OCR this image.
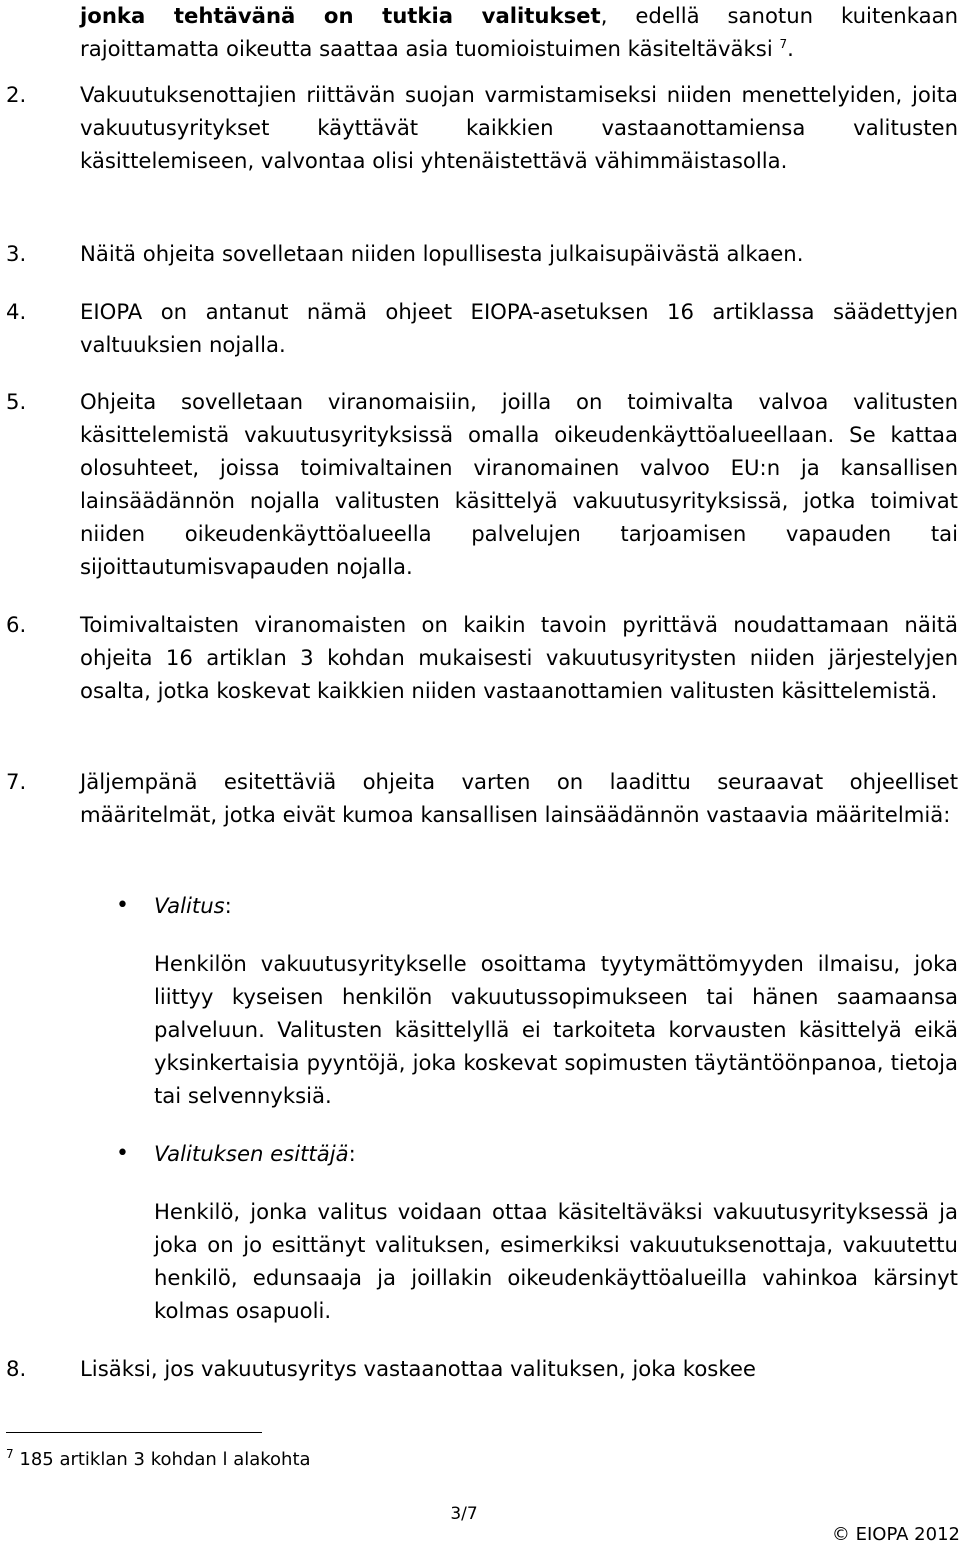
jonka tehtävänä on tutkia valitukset, edellä sanotun kuitenkaan
rajoittamatta oikeutta saattaa asia tuomioistuimen käsiteltäväksi $^7$.
2.	Vakuutuksenottajien riittävän suojan varmistamiseksi niiden menettelyiden, joita vakuutusyritykset käyttävät kaikkien vastaanottamiensa valitusten käsittelemiseen, valvontaa olisi yhtenäistettävä vähimmäistasolla.
3.	Näitä ohjeita sovelletaan niiden lopullisesta julkaisupäivästä alkaen.
4.	EIOPA on antanut nämä ohjeet EIOPA-asetuksen 16 artiklassa säädettyjen valtuuksien nojalla.
5.	Ohjeita sovelletaan viranomaisiin, joilla on toimivalta valvoa valitusten käsittelemistä vakuutusyrityksissä omalla oikeudenkäyttöalueellaan. Se kattaa olosuhteet, joissa toimivaltainen viranomainen valvoo EU:n ja kansallisen lainsäädännön nojalla valitusten käsittelyä vakuutusyrityksissä, jotka toimivat niiden oikeudenkäyttöalueella palvelujen tarjoamisen vapauden tai sijoittautumisvapauden nojalla.
6.	Toimivaltaisten viranomaisten on kaikin tavoin pyrittävä noudattamaan näitä ohjeita 16 artiklan 3 kohdan mukaisesti vakuutusyritysten niiden järjestelyjen osalta, jotka koskevat kaikkien niiden vastaanottamien valitusten käsittelemistä.
7.	Jäljempänä esitettäviä ohjeita varten on laadittu seuraavat ohjeelliset määritelmät, jotka eivät kumoa kansallisen lainsäädännön vastaavia määritelmiä:
• Valitus:
Henkilön vakuutusyritykselle osoittama tyytymättömyyden ilmaisu, joka liittyy kyseisen henkilön vakuutussopimukseen tai hänen saamaansa palveluun. Valitusten käsittelyllä ei tarkoiteta korvausten käsittelyä eikä yksinkertaisia pyyntöjä, joka koskevat sopimusten täytäntöönpanoa, tietoja tai selvennyksiä.
• Valituksen esittäjä:
Henkilö, jonka valitus voidaan ottaa käsiteltäväksi vakuutusyrityksessä ja joka on jo esittänyt valituksen, esimerkiksi vakuutuksenottaja, vakuutettu henkilö, edunsaaja ja joillakin oikeudenkäyttöalueilla vahinkoa kärsinyt kolmas osapuoli.
8.	Lisäksi, jos vakuutusyritys vastaanottaa valituksen, joka koskee
$^7$ 185 artiklan 3 kohdan l alakohta
3/7
© EIOPA 2012
